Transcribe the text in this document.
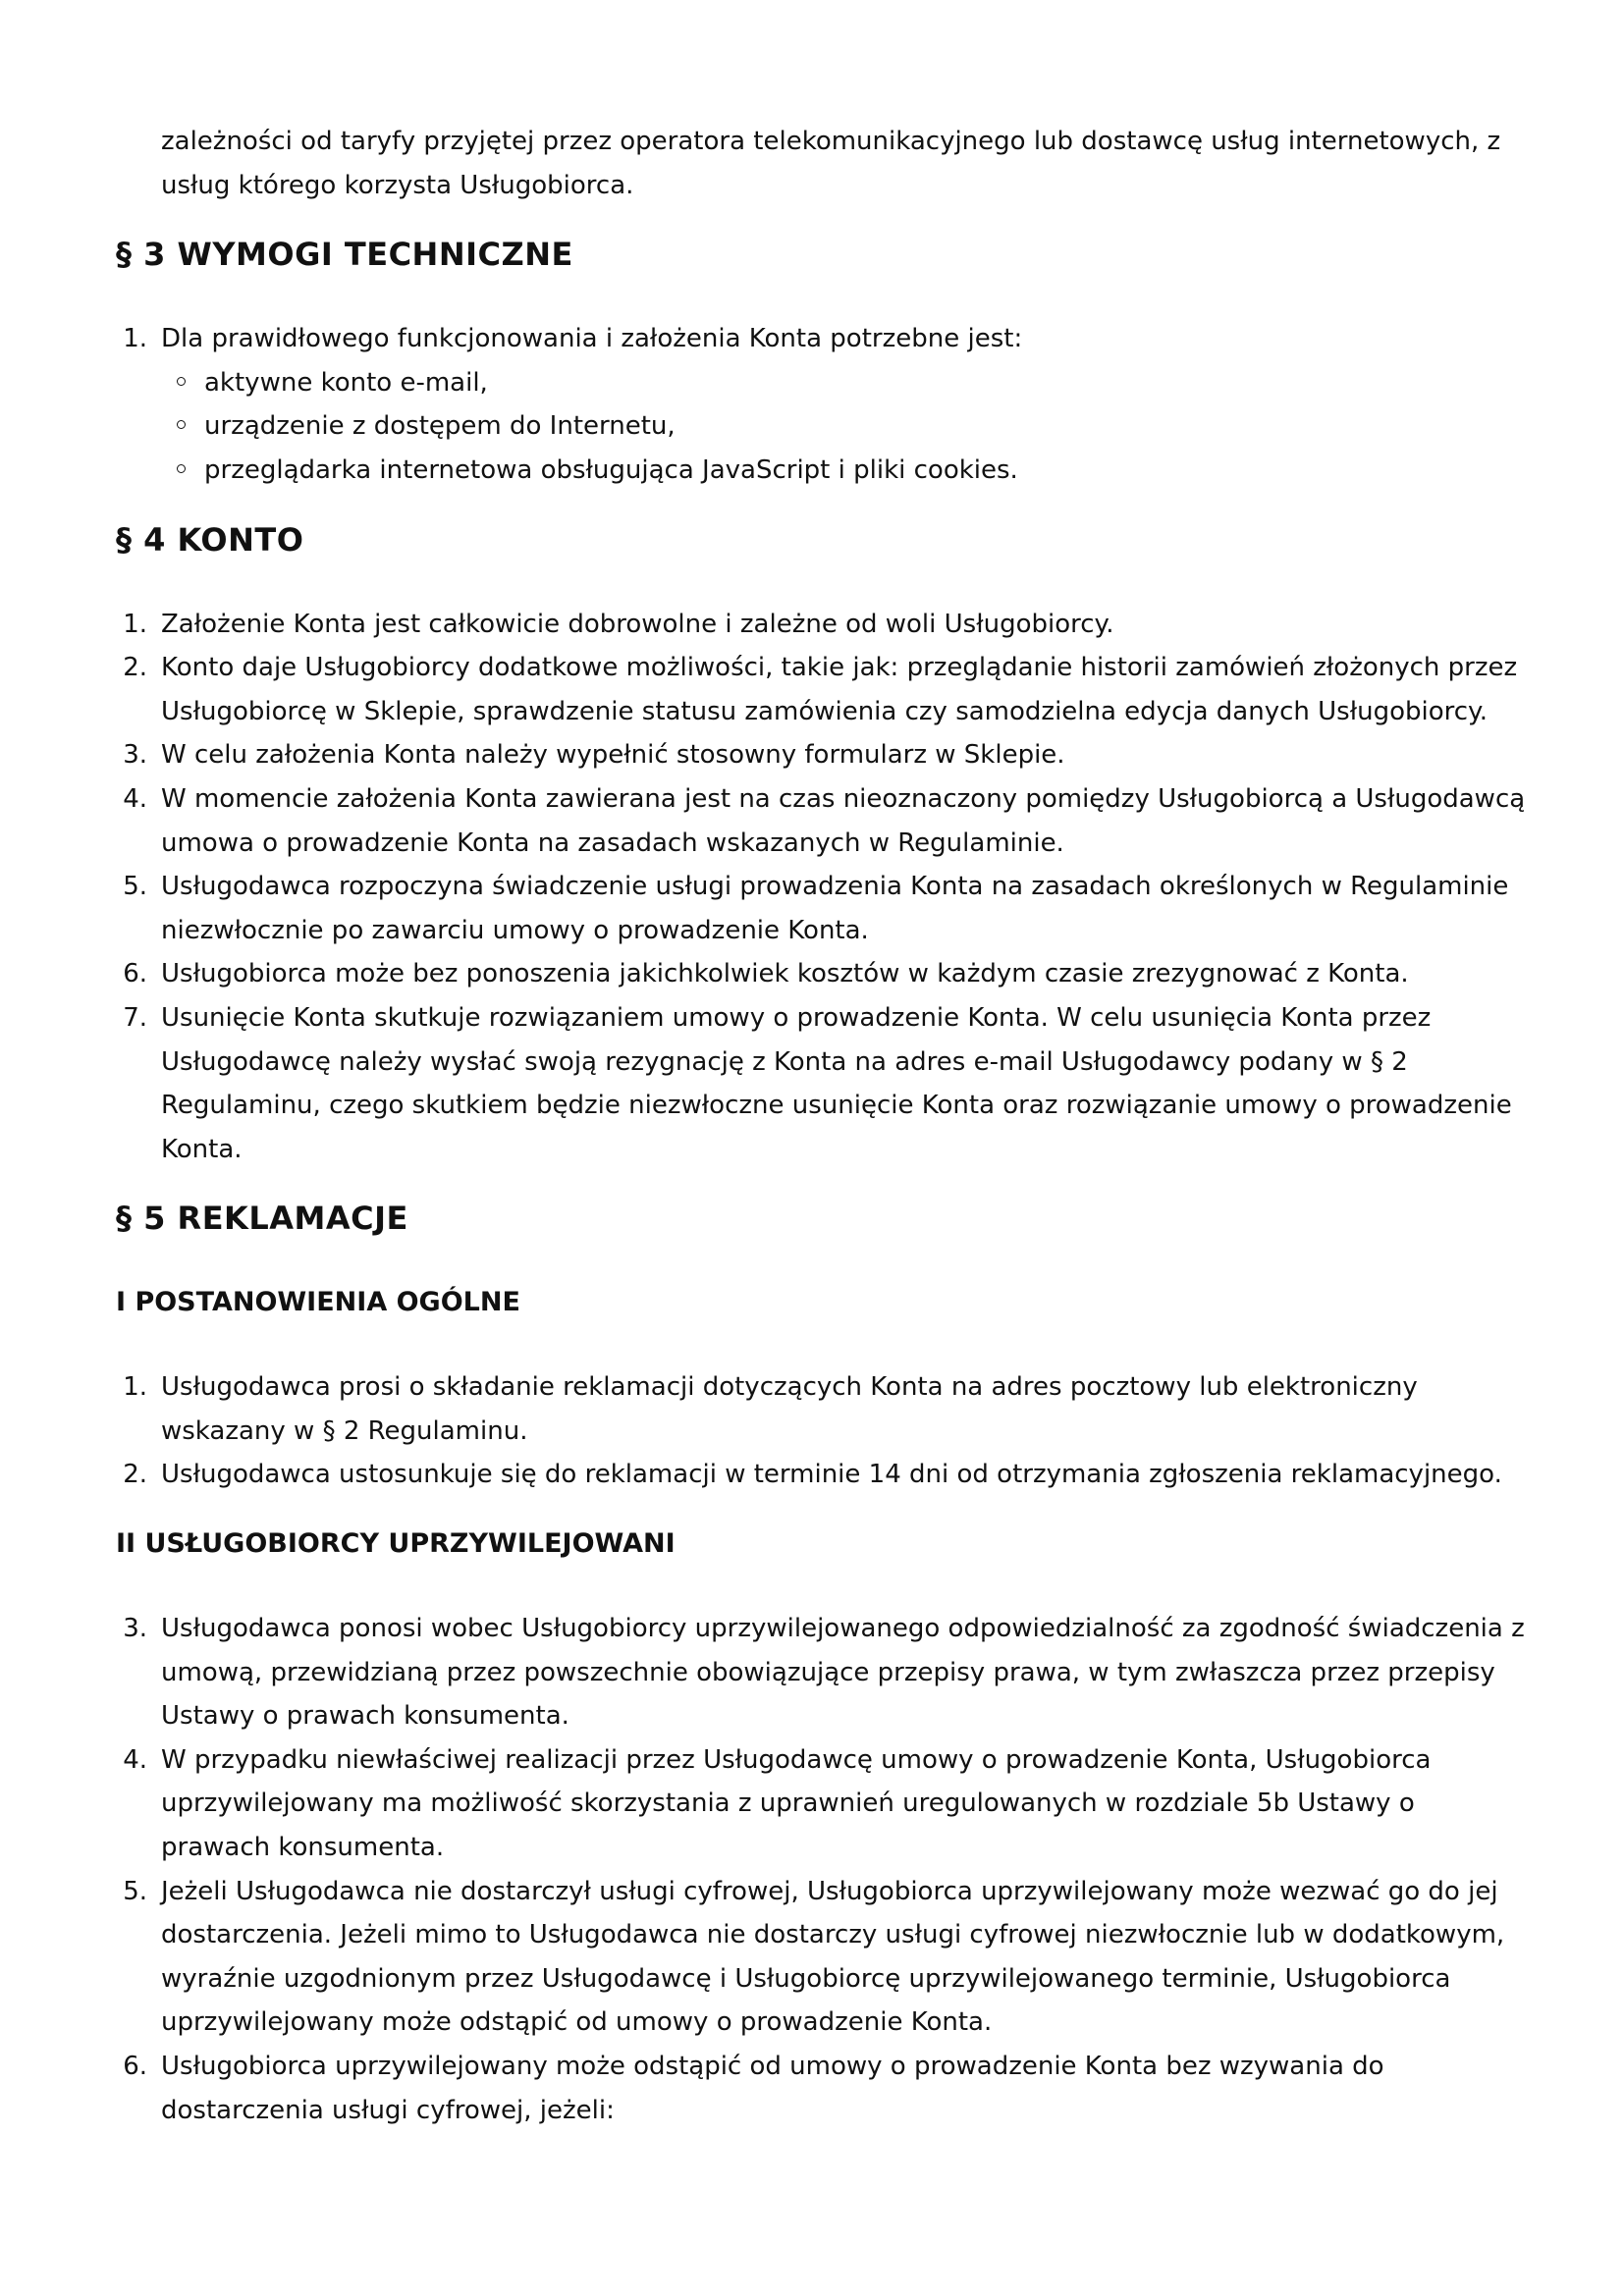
zależności od taryfy przyjętej przez operatora telekomunikacyjnego lub dostawcę usług internetowych, z usług którego korzysta Usługobiorca.

§ 3 WYMOGI TECHNICZNE
1. Dla prawidłowego funkcjonowania i założenia Konta potrzebne jest:
aktywne konto e-mail,
urządzenie z dostępem do Internetu,
przeglądarka internetowa obsługująca JavaScript i pliki cookies.
§ 4 KONTO
1. Założenie Konta jest całkowicie dobrowolne i zależne od woli Usługobiorcy.
2. Konto daje Usługobiorcy dodatkowe możliwości, takie jak: przeglądanie historii zamówień złożonych przez Usługobiorcę w Sklepie, sprawdzenie statusu zamówienia czy samodzielna edycja danych Usługobiorcy.
3. W celu założenia Konta należy wypełnić stosowny formularz w Sklepie.
4. W momencie założenia Konta zawierana jest na czas nieoznaczony pomiędzy Usługobiorcą a Usługodawcą umowa o prowadzenie Konta na zasadach wskazanych w Regulaminie.
5. Usługodawca rozpoczyna świadczenie usługi prowadzenia Konta na zasadach określonych w Regulaminie niezwłocznie po zawarciu umowy o prowadzenie Konta.
6. Usługobiorca może bez ponoszenia jakichkolwiek kosztów w każdym czasie zrezygnować z Konta.
7. Usunięcie Konta skutkuje rozwiązaniem umowy o prowadzenie Konta. W celu usunięcia Konta przez Usługodawcę należy wysłać swoją rezygnację z Konta na adres e-mail Usługodawcy podany w § 2 Regulaminu, czego skutkiem będzie niezwłoczne usunięcie Konta oraz rozwiązanie umowy o prowadzenie Konta.
§ 5 REKLAMACJE
I POSTANOWIENIA OGÓLNE
1. Usługodawca prosi o składanie reklamacji dotyczących Konta na adres pocztowy lub elektroniczny wskazany w § 2 Regulaminu.
2. Usługodawca ustosunkuje się do reklamacji w terminie 14 dni od otrzymania zgłoszenia reklamacyjnego.
II USŁUGOBIORCY UPRZYWILEJOWANI
3. Usługodawca ponosi wobec Usługobiorcy uprzywilejowanego odpowiedzialność za zgodność świadczenia z umową, przewidzianą przez powszechnie obowiązujące przepisy prawa, w tym zwłaszcza przez przepisy Ustawy o prawach konsumenta.
4. W przypadku niewłaściwej realizacji przez Usługodawcę umowy o prowadzenie Konta, Usługobiorca uprzywilejowany ma możliwość skorzystania z uprawnień uregulowanych w rozdziale 5b Ustawy o prawach konsumenta.
5. Jeżeli Usługodawca nie dostarczył usługi cyfrowej, Usługobiorca uprzywilejowany może wezwać go do jej dostarczenia. Jeżeli mimo to Usługodawca nie dostarczy usługi cyfrowej niezwłocznie lub w dodatkowym, wyraźnie uzgodnionym przez Usługodawcę i Usługobiorcę uprzywilejowanego terminie, Usługobiorca uprzywilejowany może odstąpić od umowy o prowadzenie Konta.
6. Usługobiorca uprzywilejowany może odstąpić od umowy o prowadzenie Konta bez wzywania do dostarczenia usługi cyfrowej, jeżeli:
